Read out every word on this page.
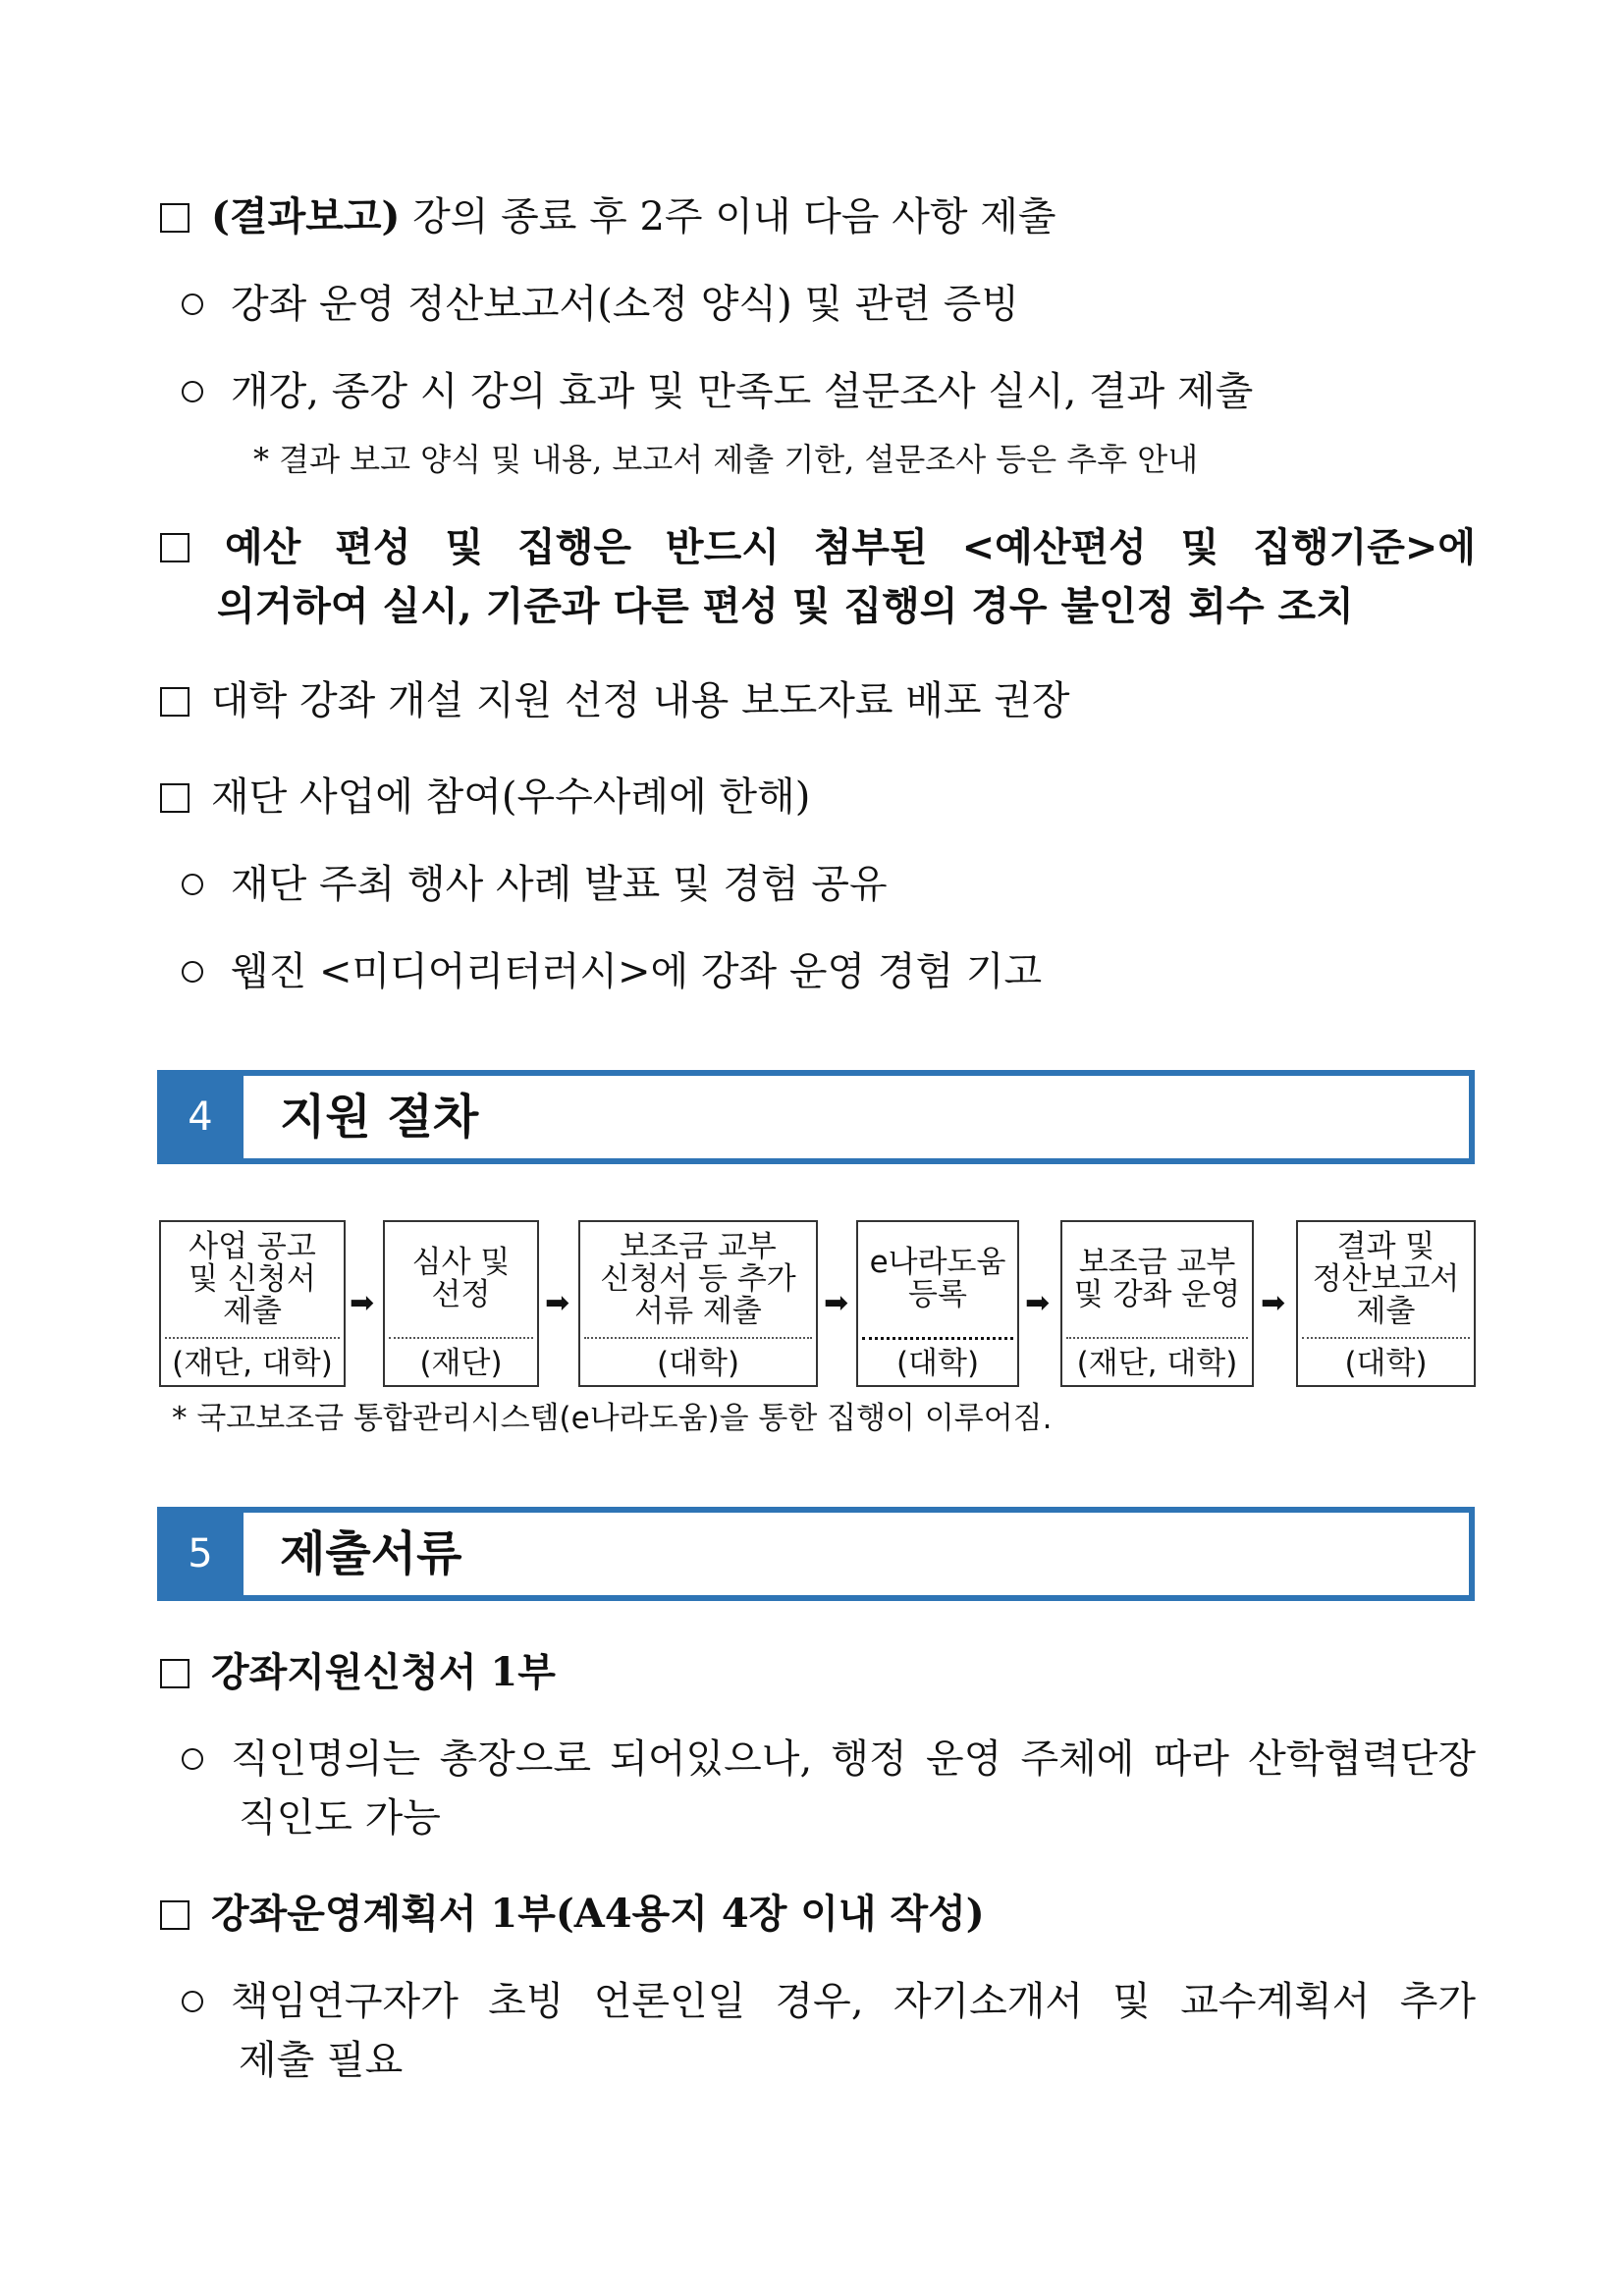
(결과보고) 강의 종료 후 2주 이내 다음 사항 제출
강좌 운영 정산보고서(소정 양식) 및 관련 증빙
개강, 종강 시 강의 효과 및 만족도 설문조사 실시, 결과 제출
* 결과 보고 양식 및 내용, 보고서 제출 기한, 설문조사 등은 추후 안내
예산 편성 및 집행은 반드시 첨부된 <예산편성 및 집행기준>에
의거하여 실시, 기준과 다른 편성 및 집행의 경우 불인정 회수 조치
대학 강좌 개설 지원 선정 내용 보도자료 배포 권장
재단 사업에 참여(우수사례에 한해)
재단 주최 행사 사례 발표 및 경험 공유
웹진 <미디어리터러시>에 강좌 운영 경험 기고
4	지원 절차
사업 공고
및 신청서
제출
(재단, 대학)
➡
심사 및
선정
(재단)
➡
보조금 교부
신청서 등 추가
서류 제출
(대학)
➡
e나라도움
등록
(대학)
➡
보조금 교부
및 강좌 운영
(재단, 대학)
➡
결과 및
정산보고서
제출
(대학)
* 국고보조금 통합관리시스템(e나라도움)을 통한 집행이 이루어짐.
5	제출서류
강좌지원신청서 1부
직인명의는 총장으로 되어있으나, 행정 운영 주체에 따라 산학협력단장
직인도 가능
강좌운영계획서 1부(A4용지 4장 이내 작성)
책임연구자가 초빙 언론인일 경우, 자기소개서 및 교수계획서 추가
제출 필요
